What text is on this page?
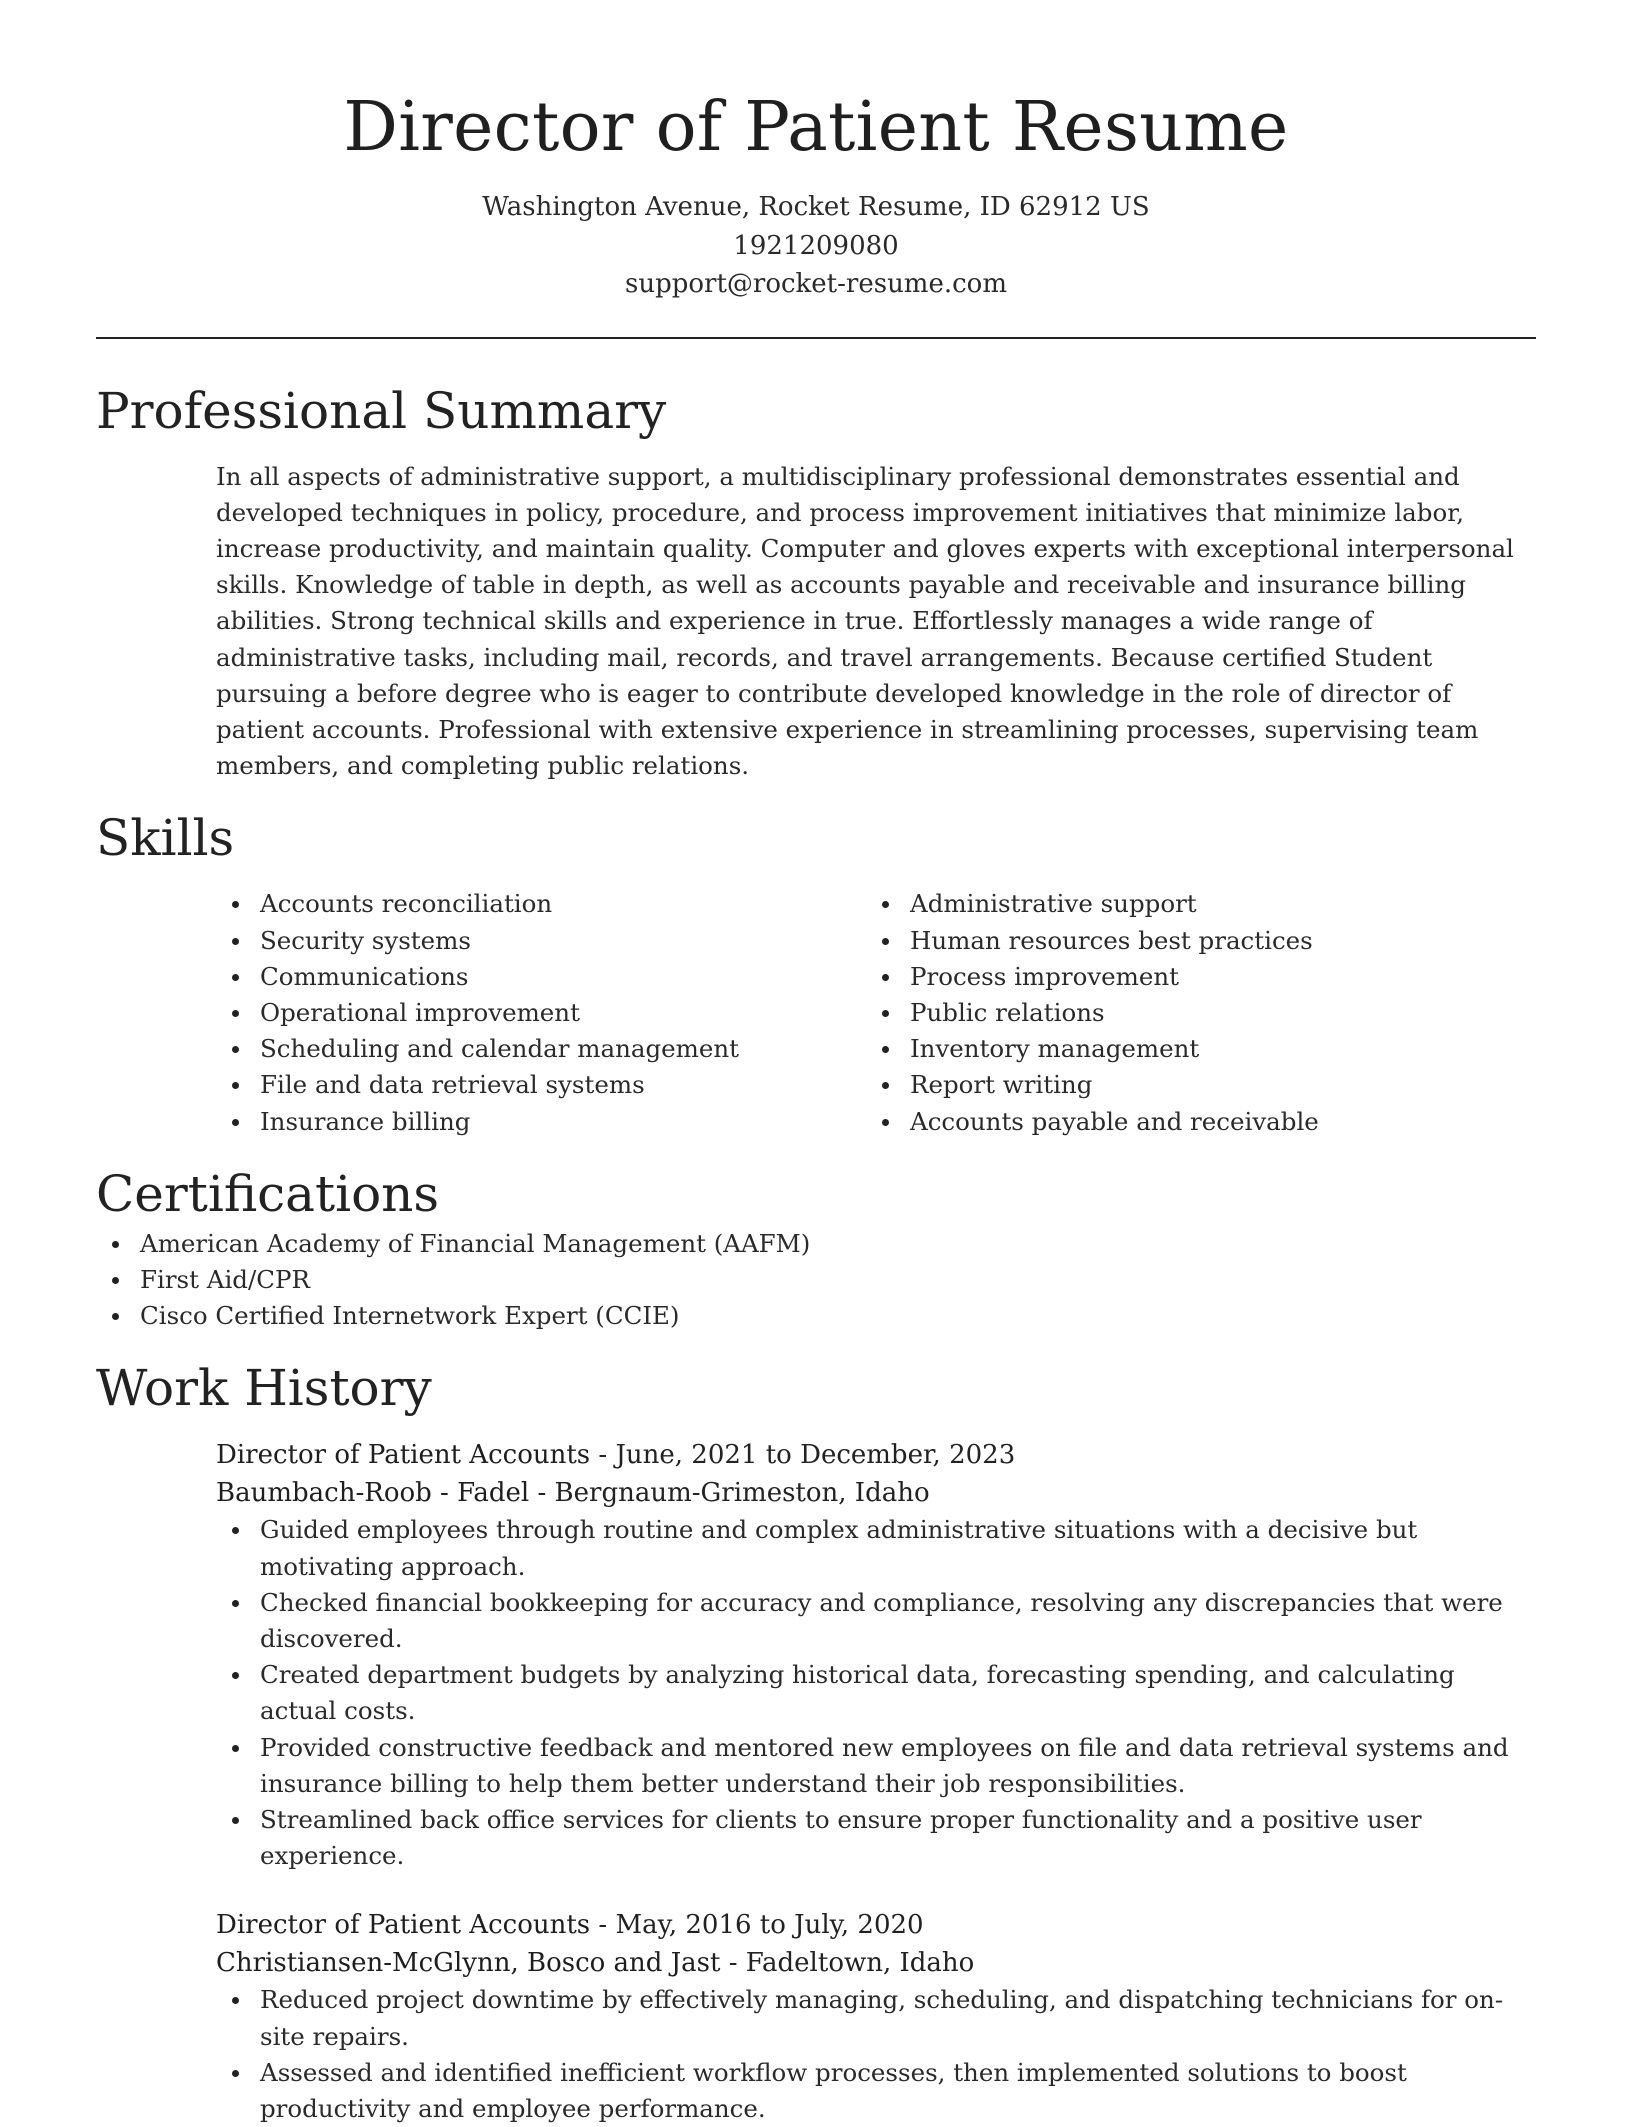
Director of Patient Resume
Washington Avenue, Rocket Resume, ID 62912 US
1921209080
support@rocket-resume.com
Professional Summary

In all aspects of administrative support, a multidisciplinary professional demonstrates essential and developed techniques in policy, procedure, and process improvement initiatives that minimize labor, increase productivity, and maintain quality. Computer and gloves experts with exceptional interpersonal skills. Knowledge of table in depth, as well as accounts payable and receivable and insurance billing abilities. Strong technical skills and experience in true. Effortlessly manages a wide range of administrative tasks, including mail, records, and travel arrangements. Because certified Student pursuing a before degree who is eager to contribute developed knowledge in the role of director of patient accounts. Professional with extensive experience in streamlining processes, supervising team members, and completing public relations.

Skills
Accounts reconciliation
Security systems
Communications
Operational improvement
Scheduling and calendar management
File and data retrieval systems
Insurance billing
Administrative support
Human resources best practices
Process improvement
Public relations
Inventory management
Report writing
Accounts payable and receivable
Certifications
American Academy of Financial Management (AAFM)
First Aid/CPR
Cisco Certified Internetwork Expert (CCIE)
Work History
Director of Patient Accounts - June, 2021 to December, 2023
Baumbach-Roob - Fadel - Bergnaum-Grimeston, Idaho
Guided employees through routine and complex administrative situations with a decisive but motivating approach.
Checked financial bookkeeping for accuracy and compliance, resolving any discrepancies that were discovered.
Created department budgets by analyzing historical data, forecasting spending, and calculating actual costs.
Provided constructive feedback and mentored new employees on file and data retrieval systems and insurance billing to help them better understand their job responsibilities.
Streamlined back office services for clients to ensure proper functionality and a positive user experience.
Director of Patient Accounts - May, 2016 to July, 2020
Christiansen-McGlynn, Bosco and Jast - Fadeltown, Idaho
Reduced project downtime by effectively managing, scheduling, and dispatching technicians for on-site repairs.
Assessed and identified inefficient workflow processes, then implemented solutions to boost productivity and employee performance.
